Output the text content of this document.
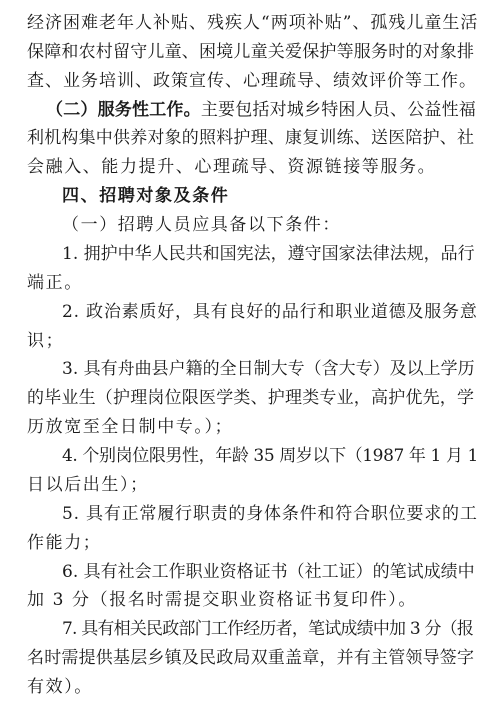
经济困难老年人补贴、残疾人“两项补贴”、孤残儿童生活
保障和农村留守儿童、困境儿童关爱保护等服务时的对象排
查、业务培训、政策宣传、心理疏导、绩效评价等工作。
（二）服务性工作。主要包括对城乡特困人员、公益性福
利机构集中供养对象的照料护理、康复训练、送医陪护、社
会融入、能力提升、心理疏导、资源链接等服务。
四、招聘对象及条件
（一）招聘人员应具备以下条件：
1. 拥护中华人民共和国宪法，遵守国家法律法规，品行
端正。
2. 政治素质好，具有良好的品行和职业道德及服务意
识；
3. 具有舟曲县户籍的全日制大专（含大专）及以上学历
的毕业生（护理岗位限医学类、护理类专业，高护优先，学
历放宽至全日制中专。）；
4. 个别岗位限男性，年龄 35 周岁以下（1987 年 1 月 1
日以后出生）；
5. 具有正常履行职责的身体条件和符合职位要求的工
作能力；
6. 具有社会工作职业资格证书（社工证）的笔试成绩中
加 3 分（报名时需提交职业资格证书复印件）。
7. 具有相关民政部门工作经历者，笔试成绩中加 3 分（报
名时需提供基层乡镇及民政局双重盖章，并有主管领导签字
有效）。
